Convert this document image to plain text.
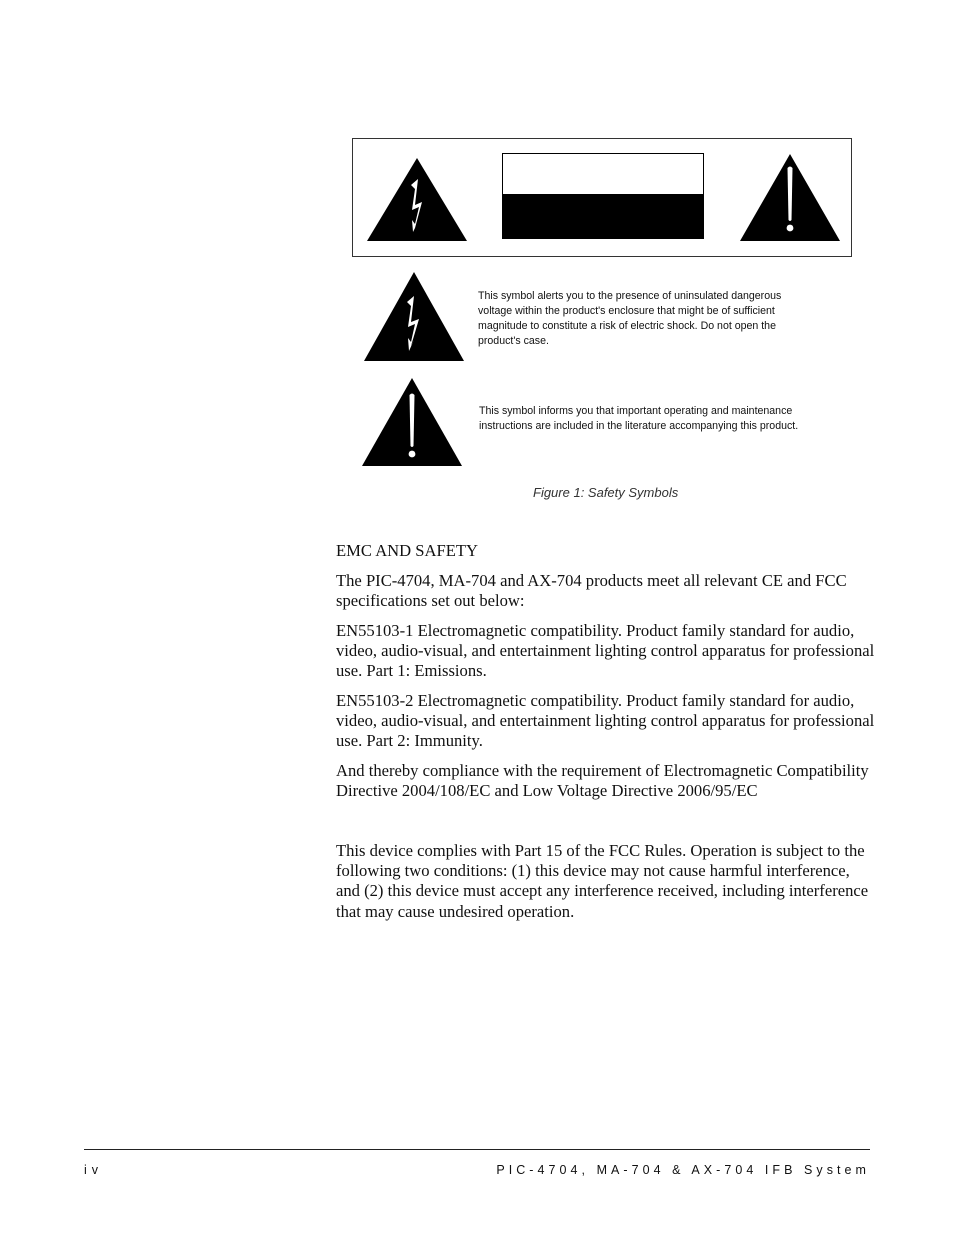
This symbol alerts you to the presence of uninsulated dangerous voltage within the product's enclosure that might be of sufficient magnitude to constitute a risk of electric shock. Do not open the product's case.
This symbol informs you that important operating and maintenance instructions are included in the literature accompanying this product.
Figure 1: Safety Symbols
EMC AND SAFETY

The PIC-4704, MA-704 and AX-704 products meet all relevant CE and FCC specifications set out below:

EN55103-1 Electromagnetic compatibility. Product family standard for audio, video, audio-visual, and entertainment lighting control apparatus for professional use. Part 1: Emissions.

EN55103-2 Electromagnetic compatibility. Product family standard for audio, video, audio-visual, and entertainment lighting control apparatus for professional use. Part 2: Immunity.

And thereby compliance with the requirement of Electromagnetic Compatibility Directive 2004/108/EC and Low Voltage Directive 2006/95/EC

This device complies with Part 15 of the FCC Rules. Operation is subject to the following two conditions: (1) this device may not cause harmful interference, and (2) this device must accept any interference received, including interference that may cause undesired operation.

iv	PIC-4704, MA-704 & AX-704 IFB System
